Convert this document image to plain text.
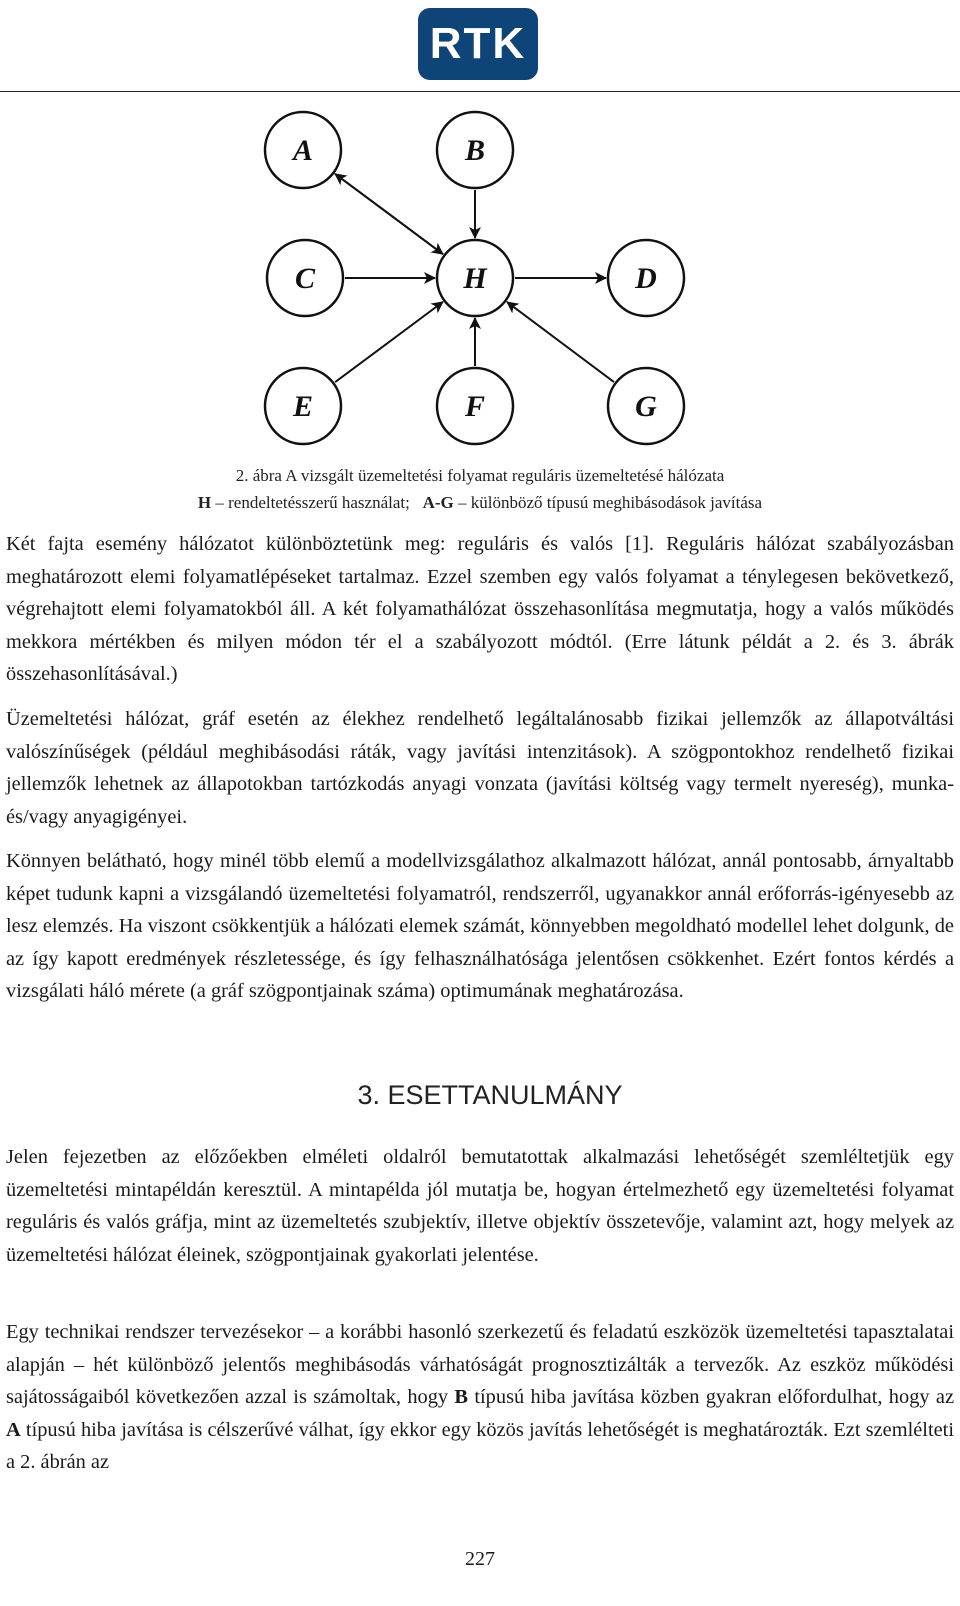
RTK
A	B
C	H	D
E	F	G
2. ábra A vizsgált üzemeltetési folyamat reguláris üzemeltetésé hálózata
H – rendeltetésszerű használat;   A-G – különböző típusú meghibásodások javítása

Két fajta esemény hálózatot különböztetünk meg: reguláris és valós [1]. Reguláris hálózat szabályozásban meghatározott elemi folyamatlépéseket tartalmaz. Ezzel szemben egy valós folyamat a ténylegesen bekövetkező, végrehajtott elemi folyamatokból áll. A két folyamathálózat összehasonlítása megmutatja, hogy a valós működés mekkora mértékben és milyen módon tér el a szabályozott módtól. (Erre látunk példát a 2. és 3. ábrák összehasonlításával.)

Üzemeltetési hálózat, gráf esetén az élekhez rendelhető legáltalánosabb fizikai jellemzők az állapotváltási valószínűségek (például meghibásodási ráták, vagy javítási intenzitások). A szögpontokhoz rendelhető fizikai jellemzők lehetnek az állapotokban tartózkodás anyagi vonzata (javítási költség vagy termelt nyereség), munka- és/vagy anyagigényei.

Könnyen belátható, hogy minél több elemű a modellvizsgálathoz alkalmazott hálózat, annál pontosabb, árnyaltabb képet tudunk kapni a vizsgálandó üzemeltetési folyamatról, rendszerről, ugyanakkor annál erőforrás-igényesebb az lesz elemzés. Ha viszont csökkentjük a hálózati elemek számát, könnyebben megoldható modellel lehet dolgunk, de az így kapott eredmények részletessége, és így felhasználhatósága jelentősen csökkenhet. Ezért fontos kérdés a vizsgálati háló mérete (a gráf szögpontjainak száma) optimumának meghatározása.

3. ESETTANULMÁNY

Jelen fejezetben az előzőekben elméleti oldalról bemutatottak alkalmazási lehetőségét szemléltetjük egy üzemeltetési mintapéldán keresztül. A mintapélda jól mutatja be, hogyan értelmezhető egy üzemeltetési folyamat reguláris és valós gráfja, mint az üzemeltetés szubjektív, illetve objektív összetevője, valamint azt, hogy melyek az üzemeltetési hálózat éleinek, szögpontjainak gyakorlati jelentése.

Egy technikai rendszer tervezésekor – a korábbi hasonló szerkezetű és feladatú eszközök üzemeltetési tapasztalatai alapján – hét különböző jelentős meghibásodás várhatóságát prognosztizálták a tervezők. Az eszköz működési sajátosságaiból következően azzal is számoltak, hogy B típusú hiba javítása közben gyakran előfordulhat, hogy az A típusú hiba javítása is célszerűvé válhat, így ekkor egy közös javítás lehetőségét is meghatározták. Ezt szemlélteti a 2. ábrán az

227
